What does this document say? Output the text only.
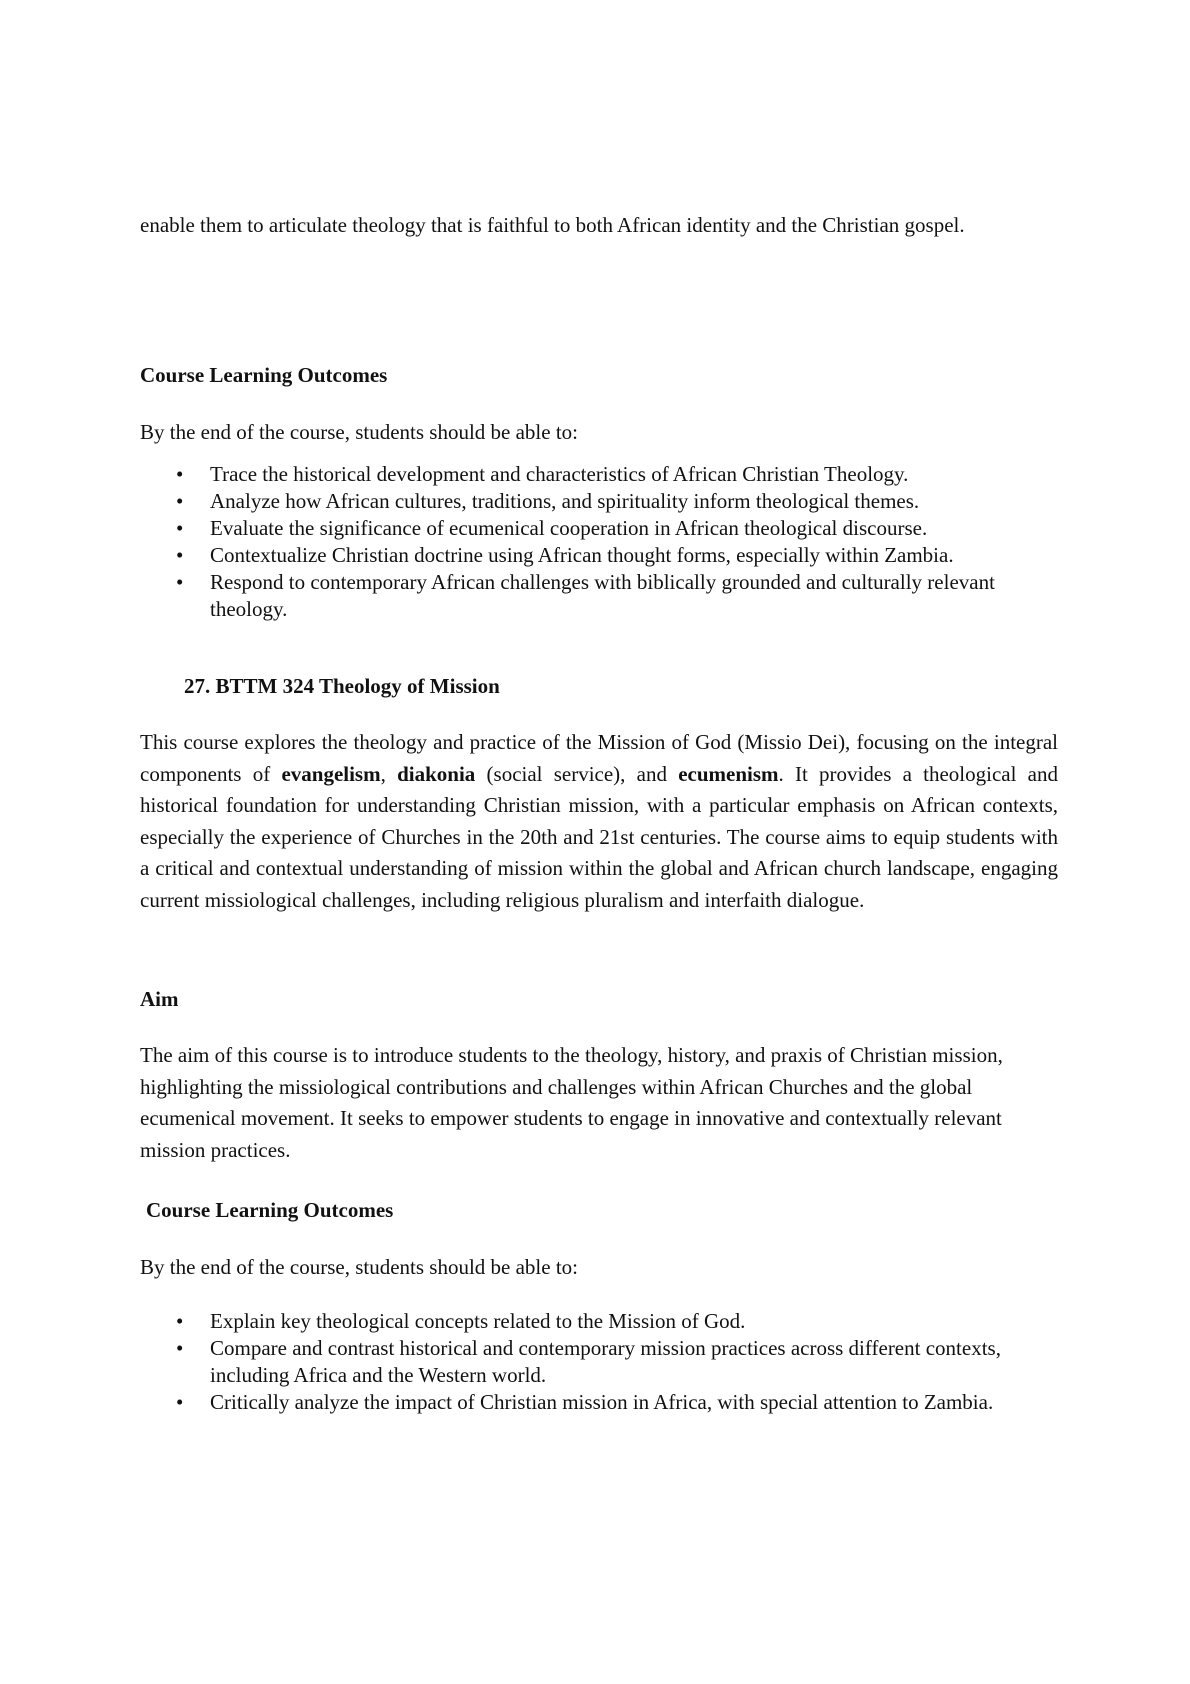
enable them to articulate theology that is faithful to both African identity and the Christian gospel.

Course Learning Outcomes

By the end of the course, students should be able to:

• Trace the historical development and characteristics of African Christian Theology.
• Analyze how African cultures, traditions, and spirituality inform theological themes.
• Evaluate the significance of ecumenical cooperation in African theological discourse.
• Contextualize Christian doctrine using African thought forms, especially within Zambia.
• Respond to contemporary African challenges with biblically grounded and culturally relevant theology.

27. BTTM 324 Theology of Mission

This course explores the theology and practice of the Mission of God (Missio Dei), focusing on the integral components of evangelism, diakonia (social service), and ecumenism. It provides a theological and historical foundation for understanding Christian mission, with a particular emphasis on African contexts, especially the experience of Churches in the 20th and 21st centuries. The course aims to equip students with a critical and contextual understanding of mission within the global and African church landscape, engaging current missiological challenges, including religious pluralism and interfaith dialogue.

Aim

The aim of this course is to introduce students to the theology, history, and praxis of Christian mission, highlighting the missiological contributions and challenges within African Churches and the global ecumenical movement. It seeks to empower students to engage in innovative and contextually relevant mission practices.

Course Learning Outcomes

By the end of the course, students should be able to:

• Explain key theological concepts related to the Mission of God.
• Compare and contrast historical and contemporary mission practices across different contexts, including Africa and the Western world.
• Critically analyze the impact of Christian mission in Africa, with special attention to Zambia.
